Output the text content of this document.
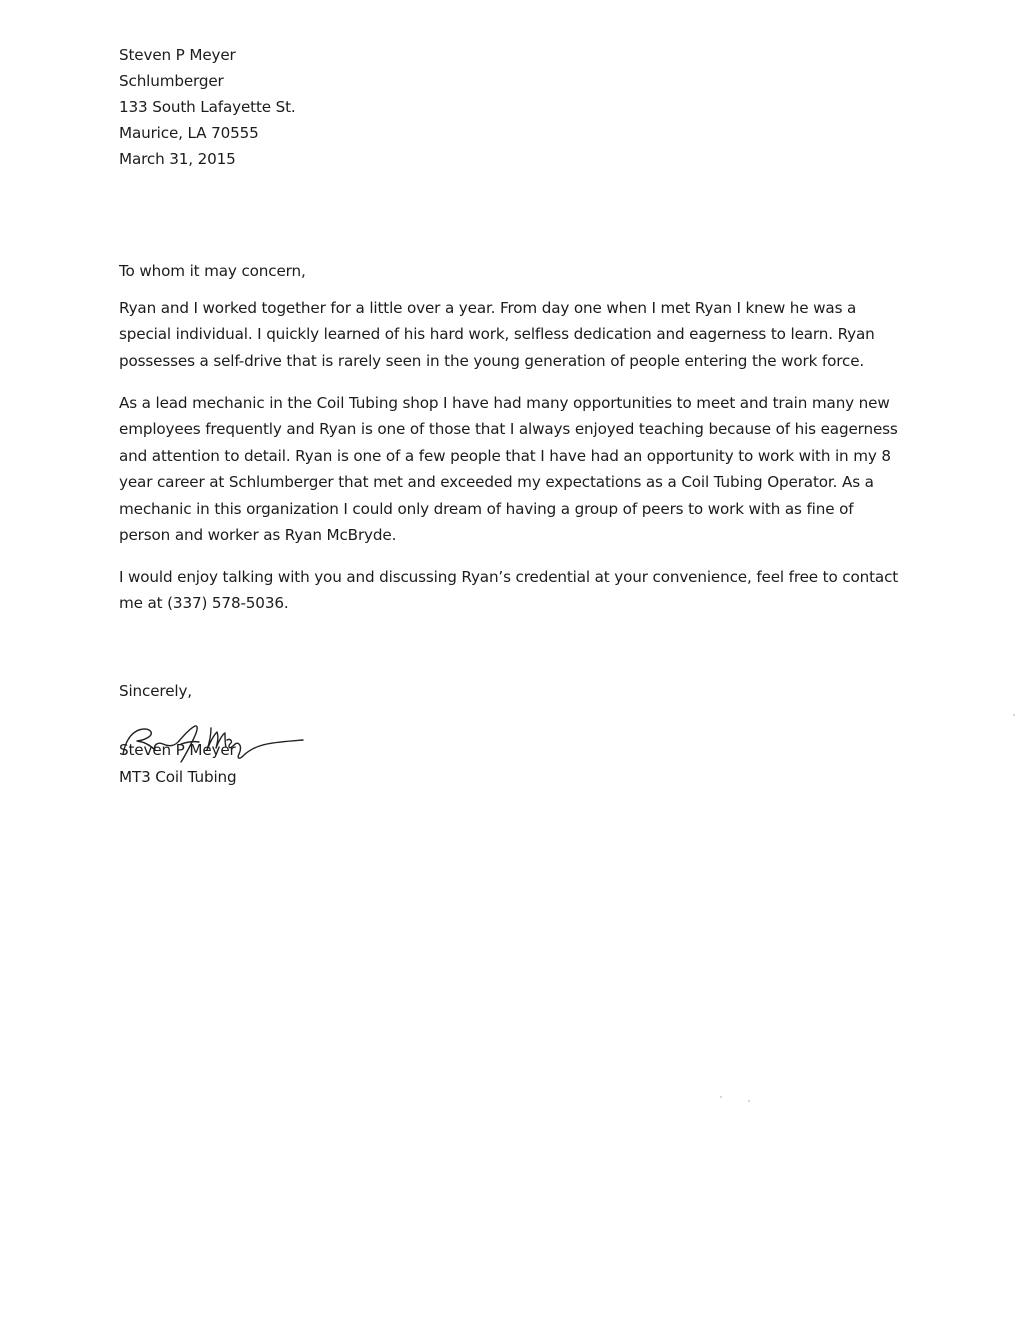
Steven P Meyer
Schlumberger
133 South Lafayette St.
Maurice, LA 70555
March 31, 2015
To whom it may concern,

Ryan and I worked together for a little over a year. From day one when I met Ryan I knew he was a
special individual. I quickly learned of his hard work, selfless dedication and eagerness to learn. Ryan
possesses a self-drive that is rarely seen in the young generation of people entering the work force.

As a lead mechanic in the Coil Tubing shop I have had many opportunities to meet and train many new
employees frequently and Ryan is one of those that I always enjoyed teaching because of his eagerness
and attention to detail. Ryan is one of a few people that I have had an opportunity to work with in my 8
year career at Schlumberger that met and exceeded my expectations as a Coil Tubing Operator. As a
mechanic in this organization I could only dream of having a group of peers to work with as fine of
person and worker as Ryan McBryde.

I would enjoy talking with you and discussing Ryan’s credential at your convenience, feel free to contact
me at (337) 578-5036.

Sincerely,
Steven P Meyer
MT3 Coil Tubing
